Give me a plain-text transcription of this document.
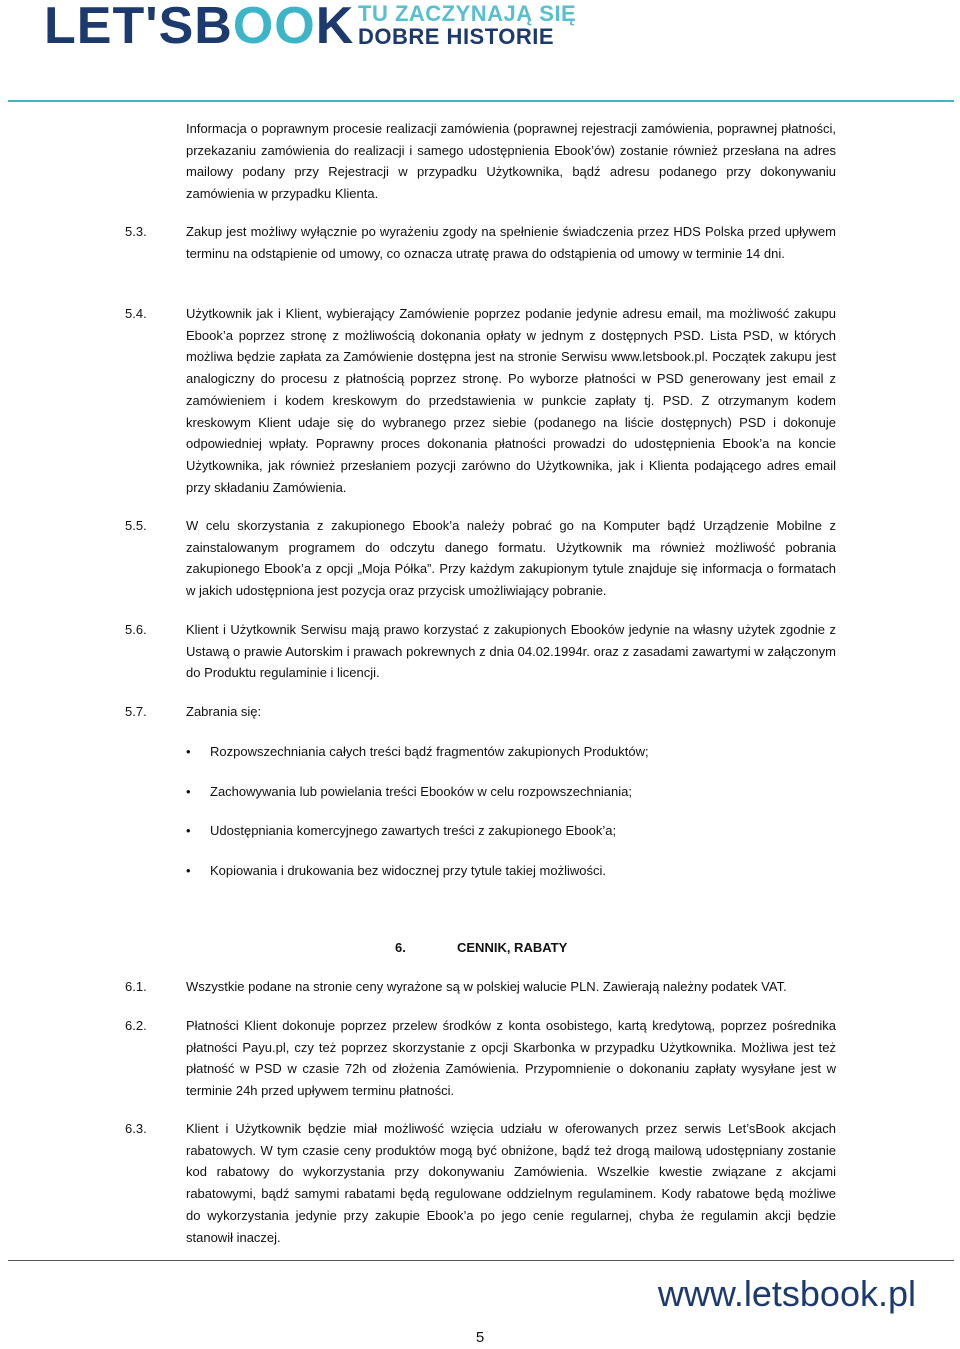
LET'SBOOK TU ZACZYNAJĄ SIĘ
DOBRE HISTORIE
Informacja o poprawnym procesie realizacji zamówienia (poprawnej rejestracji zamówienia, poprawnej płatności, przekazaniu zamówienia do realizacji i samego udostępnienia Ebook’ów) zostanie również przesłana na adres mailowy podany przy Rejestracji w przypadku Użytkownika, bądź adresu podanego przy dokonywaniu zamówienia w przypadku Klienta.
5.3.	Zakup jest możliwy wyłącznie po wyrażeniu zgody na spełnienie świadczenia przez HDS Polska przed upływem terminu na odstąpienie od umowy, co oznacza utratę prawa do odstąpienia od umowy w terminie 14 dni.
5.4.	Użytkownik jak i Klient, wybierający Zamówienie poprzez podanie jedynie adresu email, ma możliwość zakupu Ebook’a poprzez stronę z możliwością dokonania opłaty w jednym z dostępnych PSD. Lista PSD, w których możliwa będzie zapłata za Zamówienie dostępna jest na stronie Serwisu www.letsbook.pl. Początek zakupu jest analogiczny do procesu z płatnością poprzez stronę. Po wyborze płatności w PSD generowany jest email z zamówieniem i kodem kreskowym do przedstawienia w punkcie zapłaty tj. PSD. Z otrzymanym kodem kreskowym Klient udaje się do wybranego przez siebie (podanego na liście dostępnych) PSD i dokonuje odpowiedniej wpłaty. Poprawny proces dokonania płatności prowadzi do udostępnienia Ebook’a na koncie Użytkownika, jak również przesłaniem pozycji zarówno do Użytkownika, jak i Klienta podającego adres email przy składaniu Zamówienia.
5.5.	W celu skorzystania z zakupionego Ebook’a należy pobrać go na Komputer bądź Urządzenie Mobilne z zainstalowanym programem do odczytu danego formatu. Użytkownik ma również możliwość pobrania zakupionego Ebook’a z opcji „Moja Półka”. Przy każdym zakupionym tytule znajduje się informacja o formatach w jakich udostępniona jest pozycja oraz przycisk umożliwiający pobranie.
5.6.	Klient i Użytkownik Serwisu mają prawo korzystać z zakupionych Ebooków jedynie na własny użytek zgodnie z Ustawą o prawie Autorskim i prawach pokrewnych z dnia 04.02.1994r. oraz z zasadami zawartymi w załączonym do Produktu regulaminie i licencji.
5.7.	Zabrania się:
• Rozpowszechniania całych treści bądź fragmentów zakupionych Produktów;
• Zachowywania lub powielania treści Ebooków w celu rozpowszechniania;
• Udostępniania komercyjnego zawartych treści z zakupionego Ebook’a;
• Kopiowania i drukowania bez widocznej przy tytule takiej możliwości.
6.	CENNIK, RABATY
6.1.	Wszystkie podane na stronie ceny wyrażone są w polskiej walucie PLN. Zawierają należny podatek VAT.
6.2.	Płatności Klient dokonuje poprzez przelew środków z konta osobistego, kartą kredytową, poprzez pośrednika płatności Payu.pl, czy też poprzez skorzystanie z opcji Skarbonka w przypadku Użytkownika. Możliwa jest też płatność w PSD w czasie 72h od złożenia Zamówienia. Przypomnienie o dokonaniu zapłaty wysyłane jest w terminie 24h przed upływem terminu płatności.
6.3.	Klient i Użytkownik będzie miał możliwość wzięcia udziału w oferowanych przez serwis Let’sBook akcjach rabatowych. W tym czasie ceny produktów mogą być obniżone, bądź też drogą mailową udostępniany zostanie kod rabatowy do wykorzystania przy dokonywaniu Zamówienia. Wszelkie kwestie związane z akcjami rabatowymi, bądź samymi rabatami będą regulowane oddzielnym regulaminem. Kody rabatowe będą możliwe do wykorzystania jedynie przy zakupie Ebook’a po jego cenie regularnej, chyba że regulamin akcji będzie stanowił inaczej.
www.letsbook.pl
5
